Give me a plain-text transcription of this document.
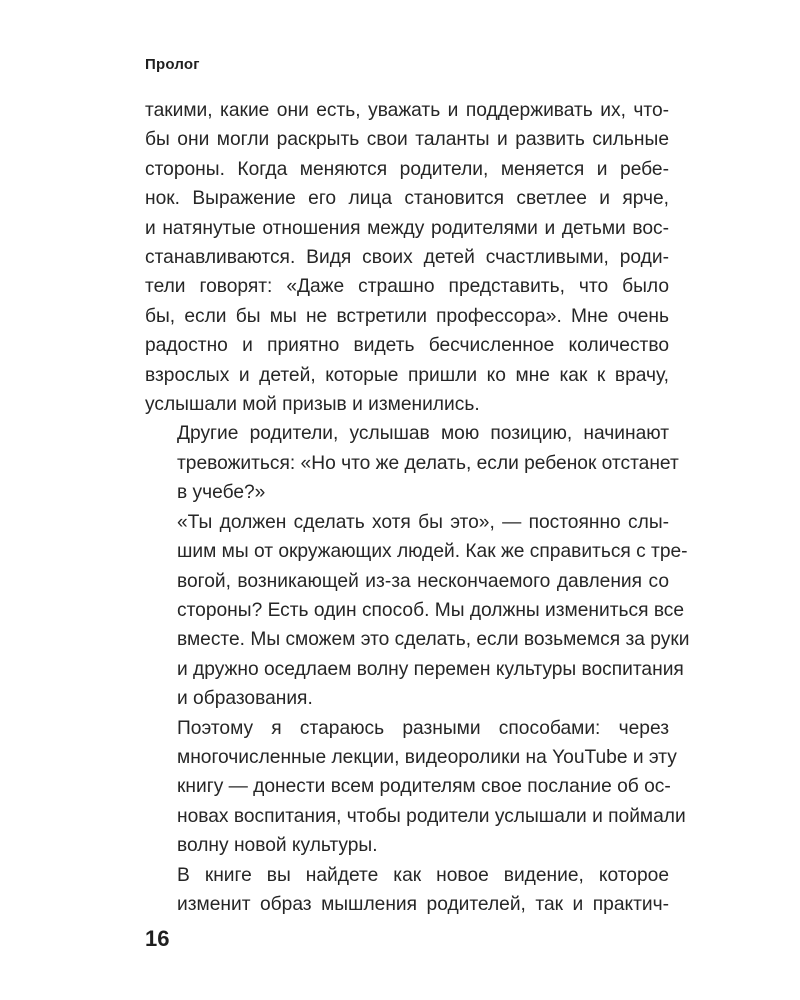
Пролог

такими, какие они есть, уважать и поддерживать их, что-
бы они могли раскрыть свои таланты и развить сильные
стороны. Когда меняются родители, меняется и ребе-
нок. Выражение его лица становится светлее и ярче,
и натянутые отношения между родителями и детьми вос-
станавливаются. Видя своих детей счастливыми, роди-
тели говорят: «Даже страшно представить, что было
бы, если бы мы не встретили профессора». Мне очень
радостно и приятно видеть бесчисленное количество
взрослых и детей, которые пришли ко мне как к врачу,
услышали мой призыв и изменились.

Другие родители, услышав мою позицию, начинают
тревожиться: «Но что же делать, если ребенок отстанет
в учебе?»

«Ты должен сделать хотя бы это», — постоянно слы-
шим мы от окружающих людей. Как же справиться с тре-
вогой, возникающей из-за нескончаемого давления со
стороны? Есть один способ. Мы должны измениться все
вместе. Мы сможем это сделать, если возьмемся за руки
и дружно оседлаем волну перемен культуры воспитания
и образования.

Поэтому я стараюсь разными способами: через
многочисленные лекции, видеоролики на YouTube и эту
книгу — донести всем родителям свое послание об ос-
новах воспитания, чтобы родители услышали и поймали
волну новой культуры.

В книге вы найдете как новое видение, которое
изменит образ мышления родителей, так и практич-

16
